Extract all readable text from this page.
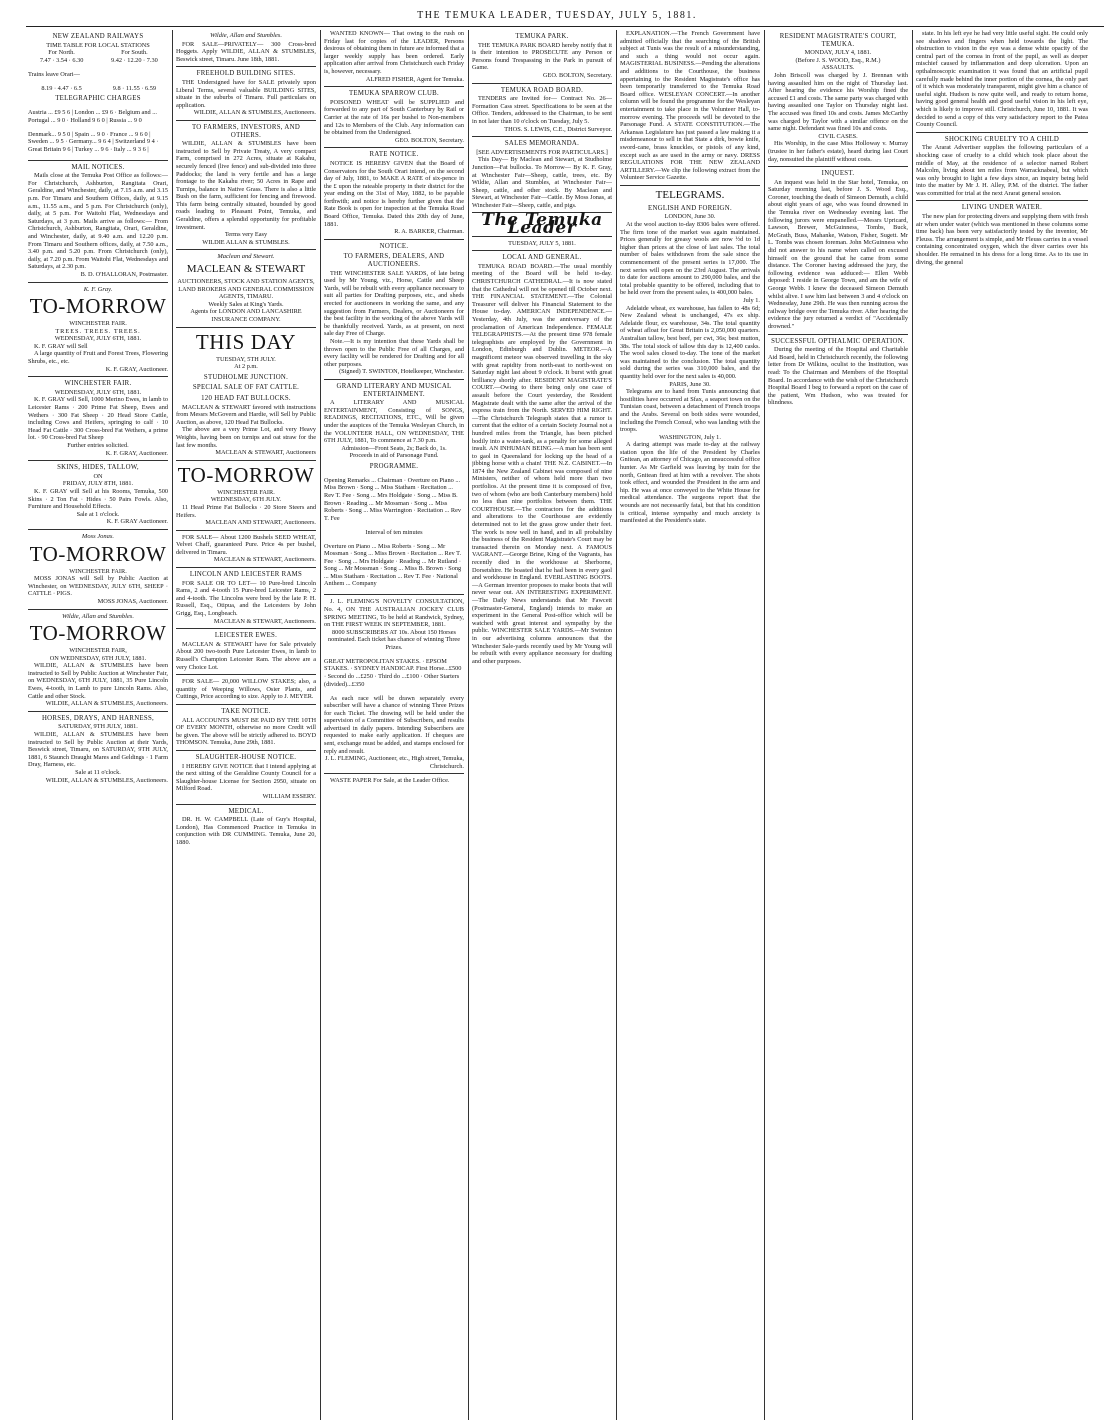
THE TEMUKA LEADER, TUESDAY, JULY 5, 1881.
NEW ZEALAND RAILWAYS
TIME TABLE FOR LOCAL STATIONS

For North.

7.47 · 3.54 · 6.30

For South.

9.42 · 12.20 · 7.30

Trains leave Orari—

8.19 · 4.47 · 6.5	9.8 · 11.55 · 6.59

TELEGRAPHIC CHARGES

Austria ... £9 5 6 | London ... £9 6 · Belgium and ... Portugal ... 9 0 · Holland 9 6 0 | Russia ... 9 0

Denmark... 9 5 0 | Spain ... 9 0 · France ... 9 6 0 | Sweden ... 9 5 · Germany... 9 6 4 | Switzerland 9 4 · Great Britain 9 6 | Turkey ... 9 6 · Italy ... 9 3 6 |

MAIL NOTICES.

Mails close at the Temuka Post Office as follows:— For Christchurch, Ashburton, Rangitata Orari, Geraldine, and Winchester, daily, at 7.15 a.m. and 3.15 p.m. For Timaru and Southern Offices, daily, at 9.15 a.m., 11.55 a.m., and 5 p.m. For Christchurch (only), daily, at 5 p.m. For Waitohi Flat, Wednesdays and Saturdays, at 3 p.m. Mails arrive as follows:— From Christchurch, Ashburton, Rangitata, Orari, Geraldine, and Winchester, daily, at 9.40 a.m. and 12.20 p.m. From Timaru and Southern offices, daily, at 7.50 a.m., 3.40 p.m. and 5.20 p.m. From Christchurch (only), daily, at 7.20 p.m. From Waitohi Flat, Wednesdays and Saturdays, at 2.30 p.m.

B. D. O'HALLORAN, Postmaster.

K. F. Gray.
TO-MORROW
WINCHESTER FAIR.
TREES. TREES. TREES.
WEDNESDAY, JULY 6TH, 1881.

K. F. GRAY will Sell

A large quantity of Fruit and Forest Trees, Flowering Shrubs, etc., etc.

K. F. GRAY, Auctioneer.

WINCHESTER FAIR.
WEDNESDAY, JULY 6TH, 1881.

K. F. GRAY will Sell, 1000 Merino Ewes, in lamb to Leicester Rams · 200 Prime Fat Sheep, Ewes and Wethers · 300 Fat Sheep · 20 Head Store Cattle, including Cows and Heifers, springing to calf · 10 Head Fat Cattle · 300 Cross-bred Fat Wethers, a prime lot. · 90 Cross-bred Fat Sheep

Further entries solicited.

K. F. GRAY, Auctioneer.

SKINS, HIDES, TALLOW,
ON
FRIDAY, JULY 8TH, 1881.

K. F. GRAY will Sell at his Rooms, Temuka, 500 Skins · 2 Ton Fat · Hides · 50 Pairs Fowls. Also, Furniture and Household Effects.

Sale at 1 o'clock.

K. F. GRAY Auctioneer.

Moss Jonas.
TO-MORROW
WINCHESTER FAIR.

MOSS JONAS will Sell by Public Auction at Winchester, on WEDNESDAY, JULY 6TH, SHEEP · CATTLE · PIGS.

MOSS JONAS, Auctioneer.

Wildie, Allan and Stumbles.
TO-MORROW
WINCHESTER FAIR,
ON WEDNESDAY, 6TH JULY, 1881.

WILDIE, ALLAN & STUMBLES have been instructed to Sell by Public Auction at Winchester Fair, on WEDNESDAY, 6TH JULY, 1881, 35 Pure Lincoln Ewes, 4-tooth, in Lamb to pure Lincoln Rams. Also, Cattle and other Stock.

WILDIE, ALLAN & STUMBLES, Auctioneers.

HORSES, DRAYS, AND HARNESS,
SATURDAY, 9TH JULY, 1881.

WILDIE, ALLAN & STUMBLES have been instructed to Sell by Public Auction at their Yards, Beswick street, Timaru, on SATURDAY, 9TH JULY, 1881, 6 Staunch Draught Mares and Geldings · 1 Farm Dray, Harness, etc.

Sale at 11 o'clock.

WILDIE, ALLAN & STUMBLES, Auctioneers.

Wildie, Allan and Stumbles.

FOR SALE—PRIVATELY— 300 Cross-bred Hoggets. Apply WILDIE, ALLAN & STUMBLES, Beswick street, Timaru. June 18th, 1881.

FREEHOLD BUILDING SITES.

THE Undersigned have for SALE privately upon Liberal Terms, several valuable BUILDING SITES, situate in the suburbs of Timaru. Full particulars on application.

WILDIE, ALLAN & STUMBLES, Auctioneers.

TO FARMERS, INVESTORS, AND OTHERS.

WILDIE, ALLAN & STUMBLES have been instructed to Sell by Private Treaty, A very compact Farm, comprised in 272 Acres, situate at Kakahu, securely fenced (live fence) and sub-divided into three Paddocks; the land is very fertile and has a large frontage to the Kakahu river; 50 Acres in Rape and Turnips, balance in Native Grass. There is also a little Bush on the farm, sufficient for fencing and firewood. This farm being centrally situated, bounded by good roads leading to Pleasant Point, Temuka, and Geraldine, offers a splendid opportunity for profitable investment.

Terms very Easy

WILDIE ALLAN & STUMBLES.

Maclean and Stewart.
MACLEAN & STEWART

AUCTIONEERS, STOCK AND STATION AGENTS, LAND BROKERS AND GENERAL COMMISSION AGENTS, TIMARU.

Weekly Sales at King's Yards.

Agents for LONDON AND LANCASHIRE INSURANCE COMPANY.

THIS DAY
TUESDAY, 5TH JULY.
At 2 p.m.
STUDHOLME JUNCTION.
SPECIAL SALE OF FAT CATTLE.
120 HEAD FAT BULLOCKS.

MACLEAN & STEWART favored with instructions from Messrs McGovern and Hardie, will Sell by Public Auction, as above, 120 Head Fat Bullocks.

The above are a very Prime Lot, and very Heavy Weights, having been on turnips and oat straw for the last few months.

MACLEAN & STEWART, Auctioneers

TO-MORROW
WINCHESTER FAIR.
WEDNESDAY, 6TH JULY.

11 Head Prime Fat Bullocks · 20 Store Steers and Heifers.

MACLEAN AND STEWART, Auctioneers.

FOR SALE— About 1200 Bushels SEED WHEAT, Velvet Chaff, guaranteed Pure. Price 4s per bushel, delivered in Timaru.

MACLEAN & STEWART, Auctioneers.

LINCOLN AND LEICESTER RAMS

FOR SALE OR TO LET— 10 Pure-bred Lincoln Rams, 2 and 4-tooth 15 Pure-bred Leicester Rams, 2 and 4-tooth. The Lincolns were bred by the late P. H. Russell, Esq., Otipua, and the Leicesters by John Grigg, Esq., Longbeach.

MACLEAN & STEWART, Auctioneers.

LEICESTER EWES.

MACLEAN & STEWART have for Sale privately About 200 two-tooth Pure Leicester Ewes, in lamb to Russell's Champion Leicester Ram. The above are a very Choice Lot.

FOR SALE— 20,000 WILLOW STAKES; also, a quantity of Weeping Willows, Osier Plants, and Cuttings, Price according to size. Apply to J. MEYER.

TAKE NOTICE.

ALL ACCOUNTS MUST BE PAID BY THE 10TH OF EVERY MONTH, otherwise no more Credit will be given. The above will be strictly adhered to. BOYD THOMSON. Temuka, June 29th, 1881.

SLAUGHTER-HOUSE NOTICE.

I HEREBY GIVE NOTICE that I intend applying at the next sitting of the Geraldine County Council for a Slaughter-house License for Section 2950, situate on Milford Road.

WILLIAM ESSERY.

MEDICAL.

DR. H. W. CAMPBELL (Late of Guy's Hospital, London), Has Commenced Practice in Temuka in conjunction with DR CUMMING. Temuka, June 20, 1880.

WANTED KNOWN— That owing to the rush on Friday last for copies of the LEADER, Persons desirous of obtaining them in future are informed that a larger weekly supply has been ordered. Early application after arrival from Christchurch each Friday is, however, necessary.

ALFRED FISHER, Agent for Temuka.

TEMUKA SPARROW CLUB.

POISONED WHEAT will be SUPPLIED and forwarded to any part of South Canterbury by Rail or Carrier at the rate of 16s per bushel to Non-members and 12s to Members of the Club. Any information can be obtained from the Undersigned.

GEO. BOLTON, Secretary.

RATE NOTICE.

NOTICE IS HEREBY GIVEN that the Board of Conservators for the South Orari intend, on the second day of July, 1881, to MAKE A RATE of six-pence in the £ upon the rateable property in their district for the year ending on the 31st of May, 1882, to be payable forthwith; and notice is hereby further given that the Rate Book is open for inspection at the Temuka Road Board Office, Temuka. Dated this 20th day of June, 1881.

R. A. BARKER, Chairman.

NOTICE.
TO FARMERS, DEALERS, AND AUCTIONEERS.

THE WINCHESTER SALE YARDS, of late being used by Mr Young, viz., Horse, Cattle and Sheep Yards, will be rebuilt with every appliance necessary to suit all parties for Drafting purposes, etc., and sheds erected for auctioneers in working the same, and any suggestion from Farmers, Dealers, or Auctioneers for the best facility in the working of the above Yards will be thankfully received. Yards, as at present, on next sale day Free of Charge.

Note.—It is my intention that these Yards shall be thrown open to the Public Free of all Charges, and every facility will be rendered for Drafting and for all other purposes.

(Signed) T. SWINTON, Hotelkeeper, Winchester.

GRAND LITERARY AND MUSICAL ENTERTAINMENT.

A LITERARY AND MUSICAL ENTERTAINMENT, Consisting of SONGS, READINGS, RECITATIONS, ETC., Will be given under the auspices of the Temuka Wesleyan Church, in the VOLUNTEER HALL, ON WEDNESDAY, THE 6TH JULY, 1881, To commence at 7.30 p.m.

Admission—Front Seats, 2s; Back do, 1s.

Proceeds in aid of Parsonage Fund.

PROGRAMME.

Opening Remarks ... Chairman · Overture on Piano ... Miss Brown · Song ... Miss Statham · Recitation ... Rev T. Fee · Song ... Mrs Holdgate · Song ... Miss B. Brown · Reading ... Mr Mossman · Song ... Miss Roberts · Song ... Miss Warrington · Recitation ... Rev T. Fee

Interval of ten minutes

Overture on Piano ... Miss Roberts · Song ... Mr Mossman · Song ... Miss Brown · Recitation ... Rev T. Fee · Song ... Mrs Holdgate · Reading ... Mr Rutland · Song ... Mr Mossman · Song ... Miss B. Brown · Song ... Miss Statham · Recitation ... Rev T. Fee · National Anthem ... Company

J. L. FLEMING'S NOVELTY CONSULTATION, No. 4, ON THE AUSTRALIAN JOCKEY CLUB SPRING MEETING, To be held at Randwick, Sydney, on THE FIRST WEEK IN SEPTEMBER, 1881.

8000 SUBSCRIBERS AT 10s. About 150 Horses nominated. Each ticket has chance of winning Three Prizes.

GREAT METROPOLITAN STAKES. · EPSOM STAKES. · SYDNEY HANDICAP. First Horse...£500 · Second do ...£250 · Third do ...£100 · Other Starters (divided)...£350

As each race will be drawn separately every subscriber will have a chance of winning Three Prizes for each Ticket. The drawing will be held under the supervision of a Committee of Subscribers, and results advertised in daily papers. Intending Subscribers are requested to make early application. If cheques are sent, exchange must be added, and stamps enclosed for reply and result.

J. L. FLEMING, Auctioneer, etc., High street, Temuka, Christchurch.

WASTE PAPER For Sale, at the Leader Office.

TEMUKA PARK.

THE TEMUKA PARK BOARD hereby notify that it is their intention to PROSECUTE any Person or Persons found Trespassing in the Park in pursuit of Game.

GEO. BOLTON, Secretary.

TEMUKA ROAD BOARD.

TENDERS are Invited for— Contract No. 26—Formation Cass street. Specifications to be seen at the Office. Tenders, addressed to the Chairman, to be sent in not later than 10 o'clock on Tuesday, July 5.

THOS. S. LEWIS, C.E., District Surveyor.

SALES MEMORANDA.

[SEE ADVERTISEMENTS FOR PARTICULARS.]

This Day— By Maclean and Stewart, at Studholme Junction—Fat bullocks. To Morrow— By K. F. Gray, at Winchester Fair—Sheep, cattle, trees, etc. By Wildie, Allan and Stumbles, at Winchester Fair—Sheep, cattle, and other stock. By Maclean and Stewart, at Winchester Fair—Cattle. By Moss Jonas, at Winchester Fair—Sheep, cattle, and pigs.

The Temuka Leader
TUESDAY, JULY 5, 1881.
LOCAL AND GENERAL.

TEMUKA ROAD BOARD.—The usual monthly meeting of the Board will be held to-day. CHRISTCHURCH CATHEDRAL.—It is now stated that the Cathedral will not be opened till October next. THE FINANCIAL STATEMENT.—The Colonial Treasurer will deliver his Financial Statement to the House to-day. AMERICAN INDEPENDENCE.—Yesterday, 4th July, was the anniversary of the proclamation of American Independence. FEMALE TELEGRAPHISTS.—At the present time 978 female telegraphists are employed by the Government in London, Edinburgh and Dublin. METEOR.—A magnificent meteor was observed travelling in the sky with great rapidity from north-east to north-west on Saturday night last about 9 o'clock. It burst with great brilliancy shortly after. RESIDENT MAGISTRATE'S COURT.—Owing to there being only one case of assault before the Court yesterday, the Resident Magistrate dealt with the same after the arrival of the express train from the North. SERVED HIM RIGHT.—The Christchurch Telegraph states that a rumor is current that the editor of a certain Society Journal not a hundred miles from the Triangle, has been pitched bodily into a water-tank, as a penalty for some alleged insult. AN INHUMAN BEING.—A man has been sent to gaol in Queensland for locking up the head of a jibbing horse with a chain! THE N.Z. CABINET.—In 1874 the New Zealand Cabinet was composed of nine Ministers, neither of whom held more than two portfolios. At the present time it is composed of five, two of whom (who are both Canterbury members) hold no less than nine portfolios between them. THE COURTHOUSE.—The contractors for the additions and alterations to the Courthouse are evidently determined not to let the grass grow under their feet. The work is now well in hand, and in all probability the business of the Resident Magistrate's Court may be transacted therein on Monday next. A FAMOUS VAGRANT.—George Brine, King of the Vagrants, has recently died in the workhouse at Sherborne, Dorsetshire. He boasted that he had been in every gaol and workhouse in England. EVERLASTING BOOTS.—A German inventor proposes to make boots that will never wear out. AN INTERESTING EXPERIMENT.—The Daily News understands that Mr Fawcett (Postmaster-General, England) intends to make an experiment in the General Post-office which will be watched with great interest and sympathy by the public. WINCHESTER SALE YARDS.—Mr Swinton in our advertising columns announces that the Winchester Sale-yards recently used by Mr Young will be rebuilt with every appliance necessary for drafting and other purposes.

EXPLANATION.—The French Government have admitted officially that the searching of the British subject at Tunis was the result of a misunderstanding, and such a thing would not occur again. MAGISTERIAL BUSINESS.—Pending the alterations and additions to the Courthouse, the business appertaining to the Resident Magistrate's office has been temporarily transferred to the Temuka Road Board office. WESLEYAN CONCERT.—In another column will be found the programme for the Wesleyan entertainment to take place in the Volunteer Hall, to-morrow evening. The proceeds will be devoted to the Parsonage Fund. A STATE CONSTITUTION.—The Arkansas Legislature has just passed a law making it a misdemeanour to sell in that State a dirk, bowie knife, sword-cane, brass knuckles, or pistols of any kind, except such as are used in the army or navy. DRESS REGULATIONS FOR THE NEW ZEALAND ARTILLERY.—We clip the following extract from the Volunteer Service Gazette.

TELEGRAMS.
ENGLISH AND FOREIGN.

LONDON, June 30.

At the wool auction to-day 8306 bales were offered. The firm tone of the market was again maintained. Prices generally for greasy wools are now ½d to 1d higher than prices at the close of last sales. The total number of bales withdrawn from the sale since the commencement of the present series is 17,000. The next series will open on the 23rd August. The arrivals to date for auctions amount to 290,000 bales, and the total probable quantity to be offered, including that to be held over from the present sales, is 400,000 bales.

July 1.

Adelaide wheat, ex warehouse, has fallen to 48s 6d; New Zealand wheat is unchanged, 47s ex ship. Adelaide flour, ex warehouse, 34s. The total quantity of wheat afloat for Great Britain is 2,050,000 quarters. Australian tallow, best beef, per cwt, 36s; best mutton, 38s. The total stock of tallow this day is 12,400 casks. The wool sales closed to-day. The tone of the market was maintained to the conclusion. The total quantity sold during the series was 310,000 bales, and the quantity held over for the next sales is 40,000.

PARIS, June 30.

Telegrams are to hand from Tunis announcing that hostilities have occurred at Sfax, a seaport town on the Tunisian coast, between a detachment of French troops and the Arabs. Several on both sides were wounded, including the French Consul, who was landing with the troops.

WASHINGTON, July 1.

A daring attempt was made to-day at the railway station upon the life of the President by Charles Gnitean, an attorney of Chicago, an unsuccessful office hunter. As Mr Garfield was leaving by train for the north, Gnitean fired at him with a revolver. The shots took effect, and wounded the President in the arm and hip. He was at once conveyed to the White House for medical attendance. The surgeons report that the wounds are not necessarily fatal, but that his condition is critical, intense sympathy and much anxiety is manifested at the President's state.

RESIDENT MAGISTRATE'S COURT, TEMUKA.

MONDAY, JULY 4, 1881.

(Before J. S. WOOD, Esq., R.M.)

ASSAULTS.

John Briscoll was charged by J. Brennan with having assaulted him on the night of Thursday last. After hearing the evidence his Worship fined the accused £1 and costs. The same party was charged with having assaulted one Taylor on Thursday night last. The accused was fined 10s and costs. James McCarthy was charged by Taylor with a similar offence on the same night. Defendant was fined 10s and costs.

CIVIL CASES.

His Worship, in the case Miss Holloway v. Murray (trustee in her father's estate), heard during last Court day, nonsuited the plaintiff without costs.

INQUEST.

An inquest was held in the Star hotel, Temuka, on Saturday morning last, before J. S. Wood Esq., Coroner, touching the death of Simeon Demuth, a child about eight years of age, who was found drowned in the Temuka river on Wednesday evening last. The following jurors were empanelled.—Messrs Upricard, Lawson, Brewer, McGuinness, Tombs, Buck, McGrath, Buss, Mahanke, Watson, Fisher, Sugett. Mr L. Tombs was chosen foreman. John McGuinness who did not answer to his name when called on excused himself on the ground that he came from some distance. The Coroner having addressed the jury, the following evidence was adduced:— Ellen Webb deposed: I reside in George Town, and am the wife of George Webb. I knew the deceased Simeon Demuth whilst alive. I saw him last between 3 and 4 o'clock on Wednesday, June 29th. He was then running across the railway bridge over the Temuka river. After hearing the evidence the jury returned a verdict of "Accidentally drowned."

SUCCESSFUL OPTHALMIC OPERATION.

During the meeting of the Hospital and Charitable Aid Board, held in Christchurch recently, the following letter from Dr Wilkins, oculist to the Institution, was read: To the Chairman and Members of the Hospital Board. In accordance with the wish of the Christchurch Hospital Board I beg to forward a report on the case of the patient, Wm Hudson, who was treated for blindness.

state. In his left eye he had very little useful sight. He could only see shadows and fingers when held towards the light. The obstruction to vision in the eye was a dense white opacity of the central part of the cornea in front of the pupil, as well as deeper mischief caused by inflammation and deep ulceration. Upon an opthalmoscopic examination it was found that an artificial pupil carefully made behind the inner portion of the cornea, the only part of it which was moderately transparent, might give him a chance of useful sight. Hudson is now quite well, and ready to return home, having good general health and good useful vision in his left eye, which is likely to improve still. Christchurch, June 10, 1881. It was decided to send a copy of this very satisfactory report to the Patea County Council.

SHOCKING CRUELTY TO A CHILD

The Ararat Advertiser supplies the following particulars of a shocking case of cruelty to a child which took place about the middle of May, at the residence of a selector named Robert Malcolm, living about ten miles from Warracknabeal, but which was only brought to light a few days since, an inquiry being held into the matter by Mr J. H. Alley, P.M. of the district. The father was committed for trial at the next Ararat general session.

LIVING UNDER WATER.

The new plan for protecting divers and supplying them with fresh air when under water (which was mentioned in these columns some time back) has been very satisfactorily tested by the inventor, Mr Fleuss. The arrangement is simple, and Mr Fleuss carries in a vessel containing concentrated oxygen, which the diver carries over his shoulder. He remained in his dress for a long time. As to its use in diving, the general
